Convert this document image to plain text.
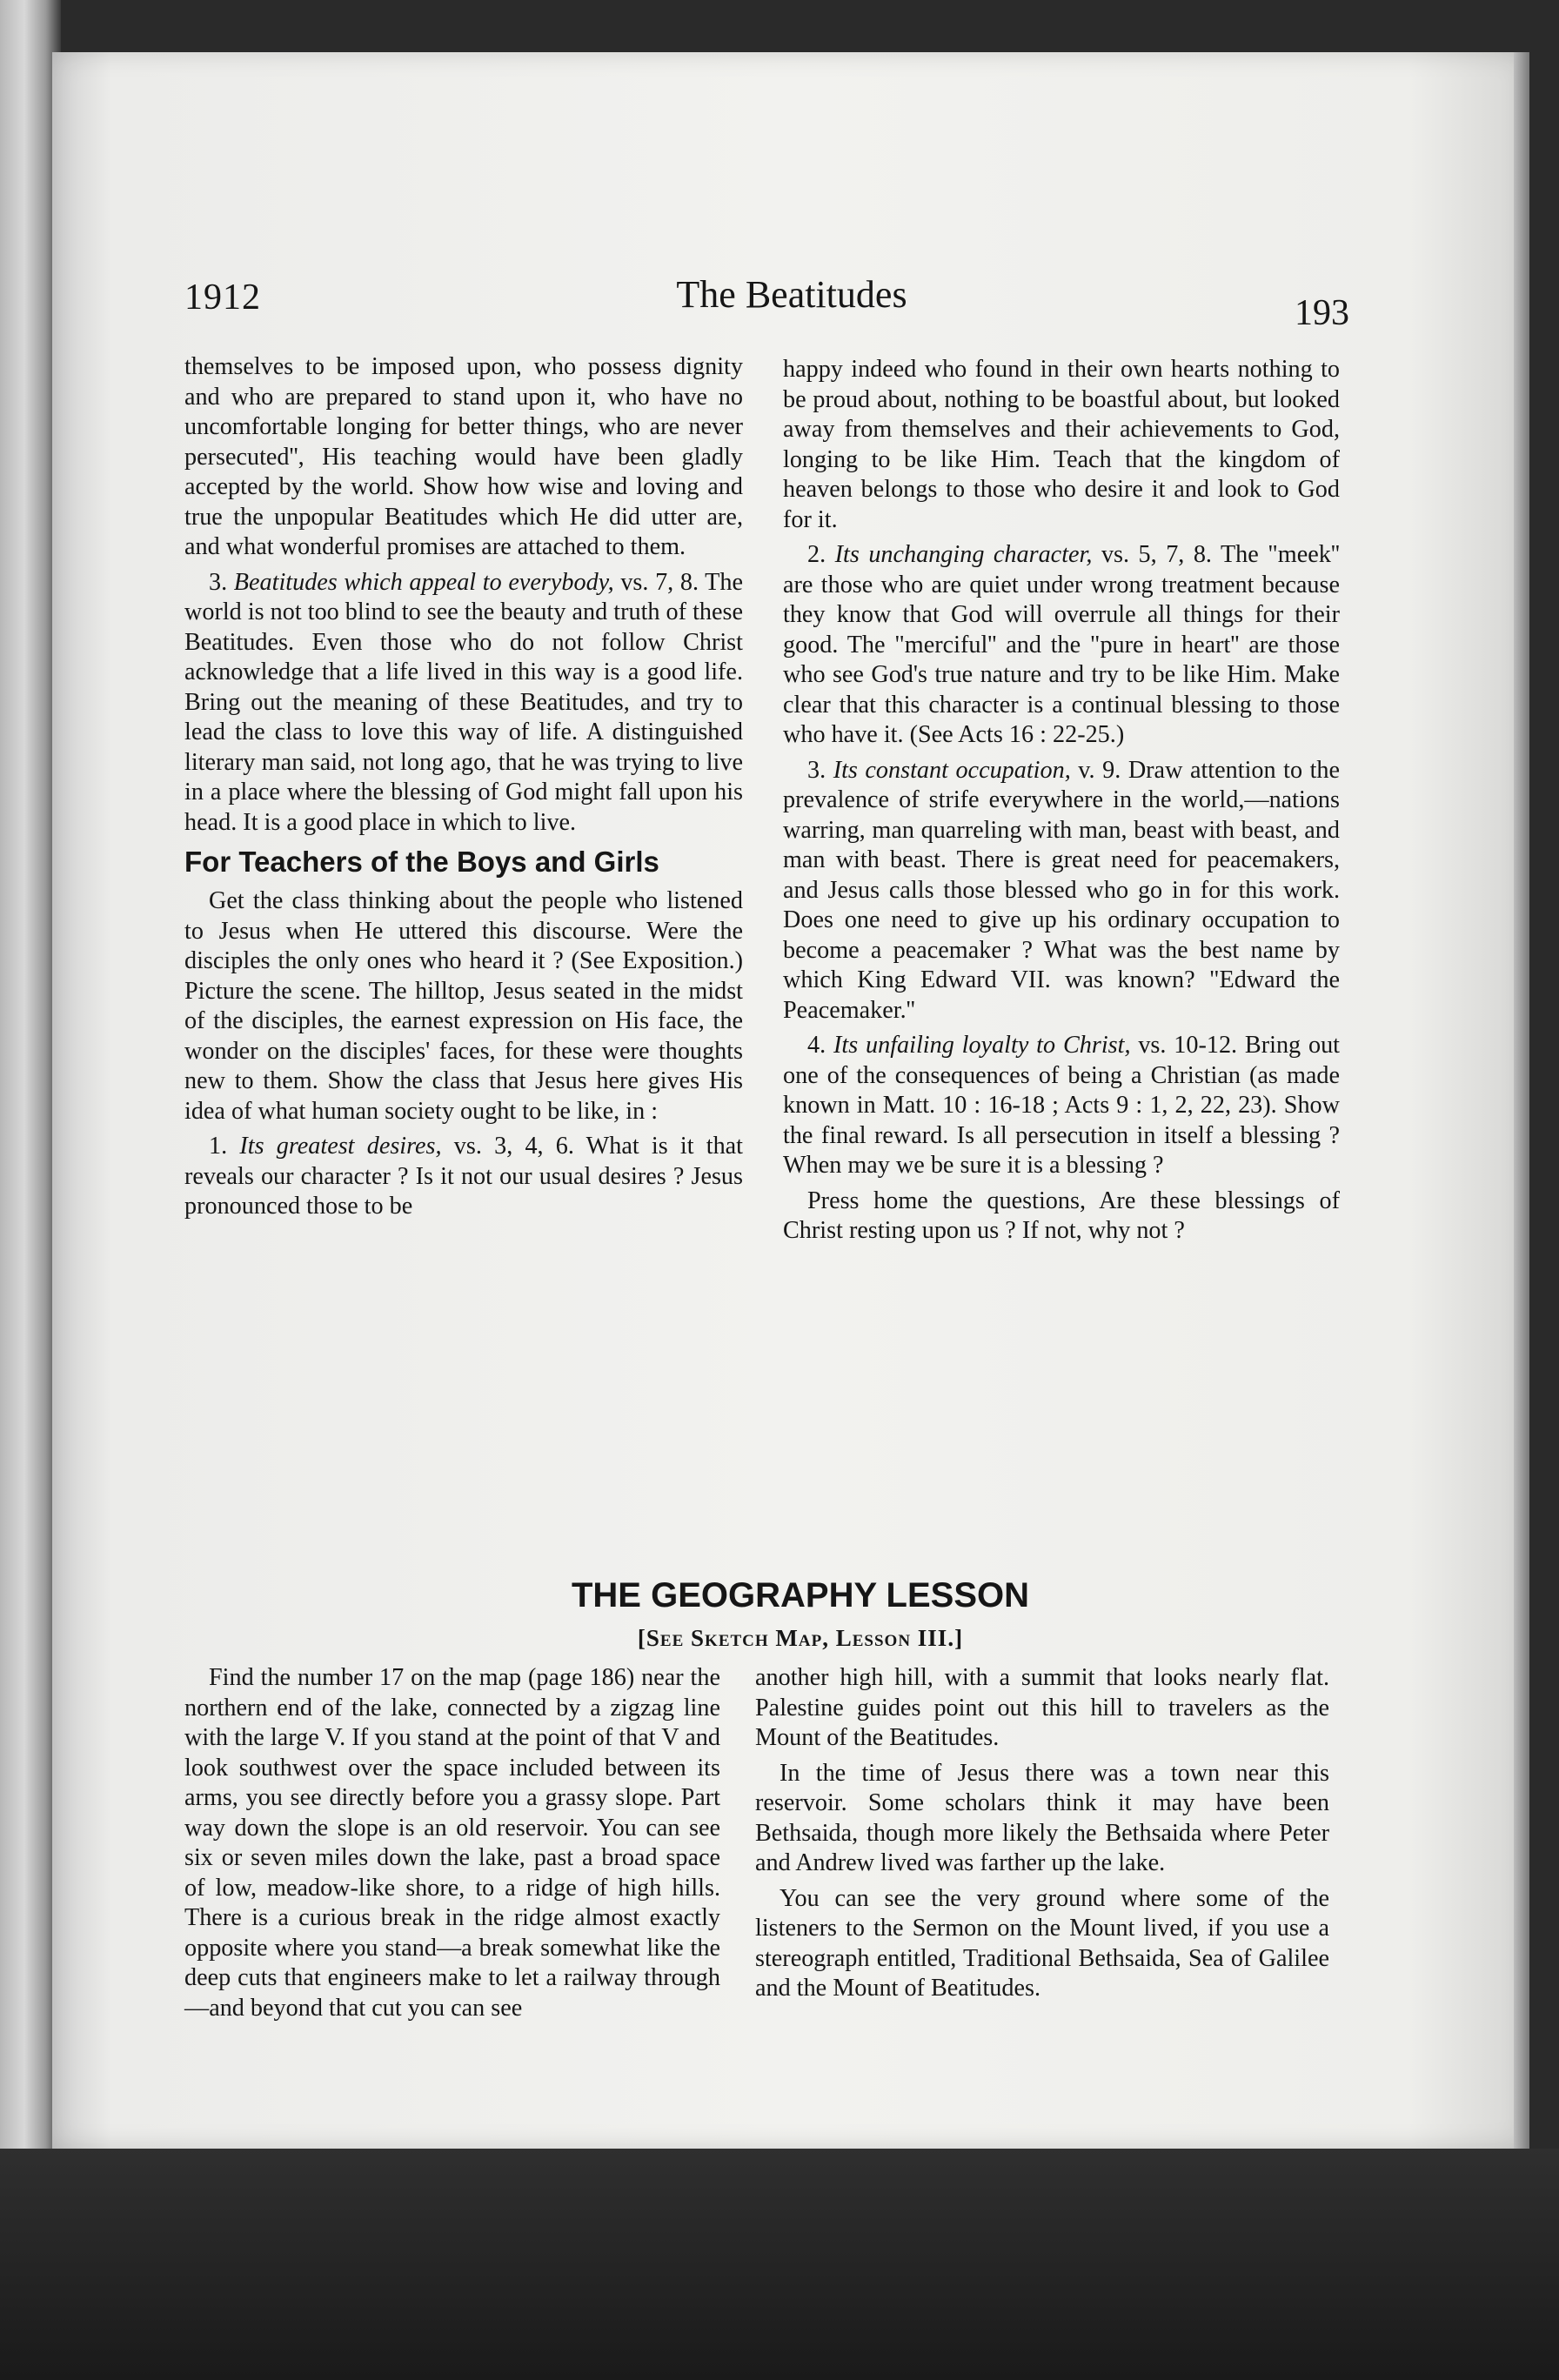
1912	The Beatitudes	193

themselves to be imposed upon, who possess dignity and who are prepared to stand upon it, who have no uncomfortable longing for better things, who are never persecuted'', His teaching would have been gladly accepted by the world. Show how wise and loving and true the unpopular Beatitudes which He did utter are, and what wonderful promises are attached to them.

3. Beatitudes which appeal to everybody, vs. 7, 8. The world is not too blind to see the beauty and truth of these Beatitudes. Even those who do not follow Christ acknowledge that a life lived in this way is a good life. Bring out the meaning of these Beatitudes, and try to lead the class to love this way of life. A distinguished literary man said, not long ago, that he was trying to live in a place where the blessing of God might fall upon his head. It is a good place in which to live.

For Teachers of the Boys and Girls

Get the class thinking about the people who listened to Jesus when He uttered this discourse. Were the disciples the only ones who heard it ? (See Exposition.) Picture the scene. The hilltop, Jesus seated in the midst of the disciples, the earnest expression on His face, the wonder on the disciples' faces, for these were thoughts new to them. Show the class that Jesus here gives His idea of what human society ought to be like, in :

1. Its greatest desires, vs. 3, 4, 6. What is it that reveals our character ? Is it not our usual desires ? Jesus pronounced those to be

happy indeed who found in their own hearts nothing to be proud about, nothing to be boastful about, but looked away from themselves and their achievements to God, longing to be like Him. Teach that the kingdom of heaven belongs to those who desire it and look to God for it.

2. Its unchanging character, vs. 5, 7, 8. The "meek'' are those who are quiet under wrong treatment because they know that God will overrule all things for their good. The "merciful'' and the "pure in heart'' are those who see God's true nature and try to be like Him. Make clear that this character is a continual blessing to those who have it. (See Acts 16 : 22-25.)

3. Its constant occupation, v. 9. Draw attention to the prevalence of strife everywhere in the world,—nations warring, man quarreling with man, beast with beast, and man with beast. There is great need for peacemakers, and Jesus calls those blessed who go in for this work. Does one need to give up his ordinary occupation to become a peacemaker ? What was the best name by which King Edward VII. was known? "Edward the Peacemaker.''

4. Its unfailing loyalty to Christ, vs. 10-12. Bring out one of the consequences of being a Christian (as made known in Matt. 10 : 16-18 ; Acts 9 : 1, 2, 22, 23). Show the final reward. Is all persecution in itself a blessing ? When may we be sure it is a blessing ?

Press home the questions, Are these blessings of Christ resting upon us ? If not, why not ?

THE GEOGRAPHY LESSON
[See Sketch Map, Lesson III.]

Find the number 17 on the map (page 186) near the northern end of the lake, connected by a zigzag line with the large V. If you stand at the point of that V and look southwest over the space included between its arms, you see directly before you a grassy slope. Part way down the slope is an old reservoir. You can see six or seven miles down the lake, past a broad space of low, meadow-like shore, to a ridge of high hills. There is a curious break in the ridge almost exactly opposite where you stand—a break somewhat like the deep cuts that engineers make to let a railway through—and beyond that cut you can see

another high hill, with a summit that looks nearly flat. Palestine guides point out this hill to travelers as the Mount of the Beatitudes.

In the time of Jesus there was a town near this reservoir. Some scholars think it may have been Bethsaida, though more likely the Bethsaida where Peter and Andrew lived was farther up the lake.

You can see the very ground where some of the listeners to the Sermon on the Mount lived, if you use a stereograph entitled, Traditional Bethsaida, Sea of Galilee and the Mount of Beatitudes.
